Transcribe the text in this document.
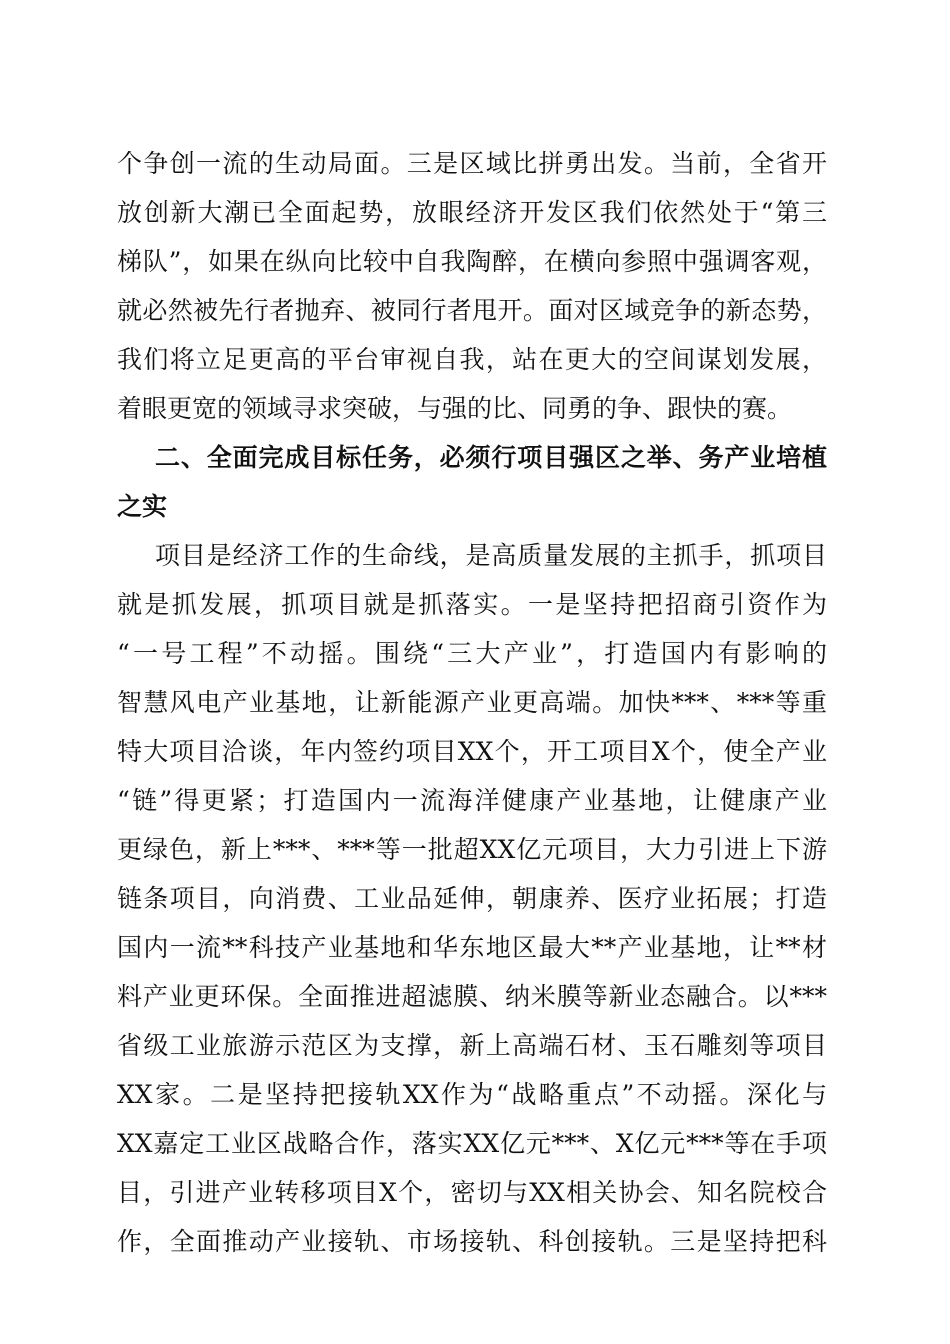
个争创一流的生动局面。三是区域比拼勇出发。当前，全省开
放创新大潮已全面起势，放眼经济开发区我们依然处于“第三
梯队”，如果在纵向比较中自我陶醉，在横向参照中强调客观，
就必然被先行者抛弃、被同行者甩开。面对区域竞争的新态势，
我们将立足更高的平台审视自我，站在更大的空间谋划发展，
着眼更宽的领域寻求突破，与强的比、同勇的争、跟快的赛。
二、全面完成目标任务，必须行项目强区之举、务产业培植
之实
项目是经济工作的生命线，是高质量发展的主抓手，抓项目
就是抓发展，抓项目就是抓落实。一是坚持把招商引资作为
“一号工程”不动摇。围绕“三大产业”，打造国内有影响的
智慧风电产业基地，让新能源产业更高端。加快***、***等重
特大项目洽谈，年内签约项目XX个，开工项目X个，使全产业
“链”得更紧；打造国内一流海洋健康产业基地，让健康产业
更绿色，新上***、***等一批超XX亿元项目，大力引进上下游
链条项目，向消费、工业品延伸，朝康养、医疗业拓展；打造
国内一流**科技产业基地和华东地区最大**产业基地，让**材
料产业更环保。全面推进超滤膜、纳米膜等新业态融合。以***
省级工业旅游示范区为支撑，新上高端石材、玉石雕刻等项目
XX家。二是坚持把接轨XX作为“战略重点”不动摇。深化与
XX嘉定工业区战略合作，落实XX亿元***、X亿元***等在手项
目，引进产业转移项目X个，密切与XX相关协会、知名院校合
作，全面推动产业接轨、市场接轨、科创接轨。三是坚持把科
